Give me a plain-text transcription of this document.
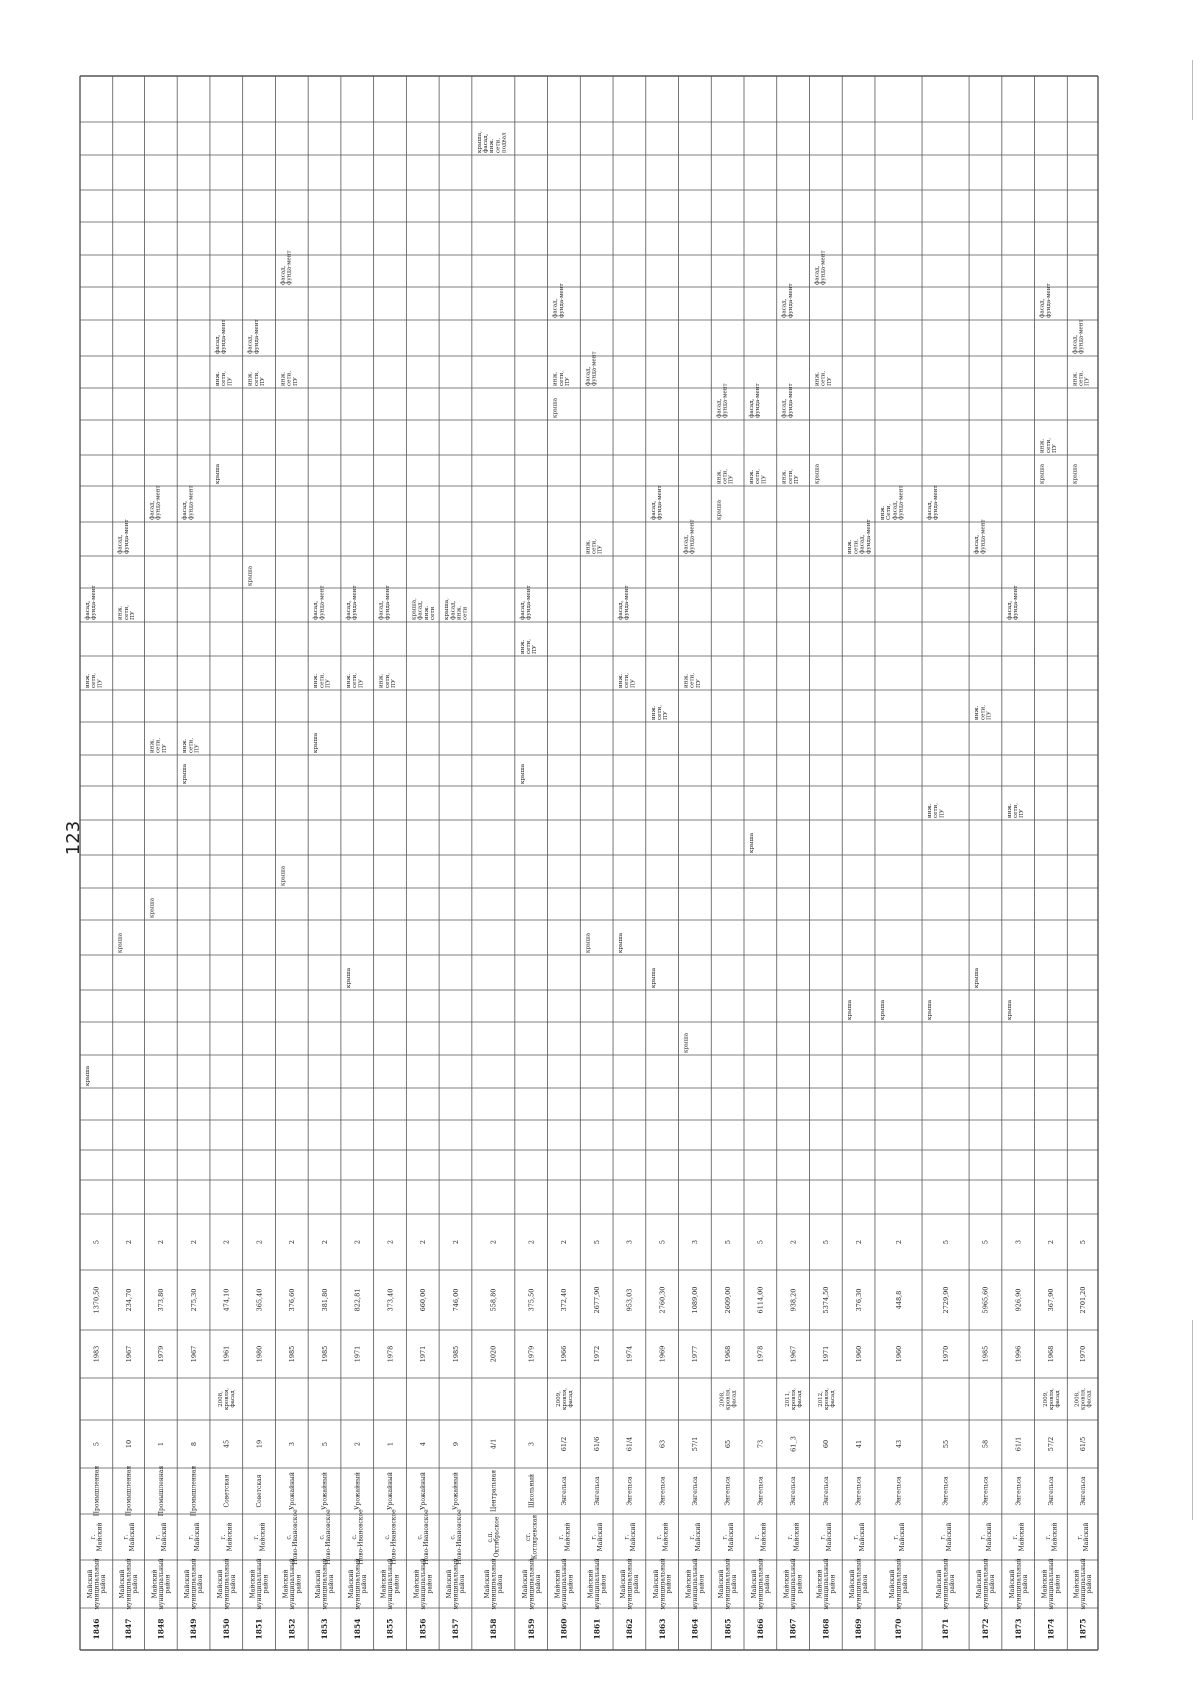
123
1846
Майскиймуниципальныйрайон
г.Майский
Промышленная
5
1983
1370,50
5
крыша
инж.сети,ПУ
фасад,фунда-мент
1847
Майскиймуниципальныйрайон
г.Майский
Промышленная
10
1967
234,70
2
крыша
инж.сети,ПУ
фасад,фунда-мент
1848
Майскиймуниципальныйрайон
г.Майский
Промышленная
1
1979
373,80
2
крыша
инж.сети,ПУ
фасад,фунда-мент
1849
Майскиймуниципальныйрайон
г.Майский
Промышленная
8
1967
275,30
2
крыша
инж.сети,ПУ
фасад,фунда-мент
1850
Майскиймуниципальныйрайон
г.Майский
Советская
45
2008,кровля,фасад
1961
474,10
2
крыша
инж.сети,ПУ
фасад,фунда-мент
1851
Майскиймуниципальныйрайон
г.Майский
Советская
19
1980
365,40
2
крыша
инж.сети,ПУ
фасад,фунда-мент
1852
Майскиймуниципальныйрайон
с.Ново-Ивановское
Урожайный
3
1985
376,60
2
крыша
инж.сети,ПУ
фасад,фунда-мент
1853
Майскиймуниципальныйрайон
с.Ново-Ивановское
Урожайный
5
1985
381,80
2
крыша
инж.сети,ПУ
фасад,фунда-мент
1854
Майскиймуниципальныйрайон
с.Ново-Ивановское
Урожайный
2
1971
822,81
2
крыша
инж.сети,ПУ
фасад,фунда-мент
1855
Майскиймуниципальныйрайон
с.Ново-Ивановское
Урожайный
1
1978
373,40
2
инж.сети,ПУ
фасад,фунда-мент
1856
Майскиймуниципальныйрайон
с.Ново-Ивановское
Урожайный
4
1971
660,00
2
крыша,фасад,инж.сети
1857
Майскиймуниципальныйрайон
с.Ново-Ивановское
Урожайный
9
1985
746,00
2
крыша,фасад,инж.сети
1858
Майскиймуниципальныйрайон
с.п.Октябрьское
Центральная
4/1
2020
558,80
2
крыша,фасад,инж.сети,подвал
1859
Майскиймуниципальныйрайон
ст.Котляревская
Школьный
3
1979
375,50
2
крыша
инж.сети,ПУ
фасад,фунда-мент
1860
Майскиймуниципальныйрайон
г.Майский
Энгельса
61/2
2009,кровля,фасад
1966
372,40
2
крыша
инж.сети,ПУ
фасад,фунда-мент
1861
Майскиймуниципальныйрайон
г.Майский
Энгельса
61/6
1972
2677,90
5
крыша
инж.сети,ПУ
фасад,фунда-мент
1862
Майскиймуниципальныйрайон
г.Майский
Энгельса
61/4
1974
953,03
3
крыша
инж.сети,ПУ
фасад,фунда-мент
1863
Майскиймуниципальныйрайон
г.Майский
Энгельса
63
1969
2760,30
5
крыша
инж.сети,ПУ
фасад,фунда-мент
1864
Майскиймуниципальныйрайон
г.Майский
Энгельса
57/1
1977
1089,00
3
крыша
инж.сети,ПУ
фасад,фунда-мент
1865
Майскиймуниципальныйрайон
г.Майский
Энгельса
65
2008,кровля,фасад
1968
2609,00
5
крыша
инж.сети,ПУ
фасад,фунда-мент
1866
Майскиймуниципальныйрайон
г.Майский
Энгельса
73
1978
6114,00
5
крыша
инж.сети,ПУ
фасад,фунда-мент
1867
Майскиймуниципальныйрайон
г.Майский
Энгельса
61_3
2011,кровля,фасад
1967
938,20
2
инж.сети,ПУ
фасад,фунда-мент
фасад,фунда-мент
1868
Майскиймуниципальныйрайон
г.Майский
Энгельса
60
2012,кровля,фасад
1971
5374,50
5
крыша
инж.сети,ПУ
фасад,фунда-мент
1869
Майскиймуниципальныйрайон
г.Майский
Энгельса
41
1960
376,30
2
крыша
инж.сети,фасад,фунда-мент
1870
Майскиймуниципальныйрайон
г.Майский
Энгельса
43
1960
448,8
2
крыша
инж.Сети,фасад,фунда-мент
1871
Майскиймуниципальныйрайон
г.Майский
Энгельса
55
1970
2729,90
5
крыша
инж.сети,ПУ
фасад,фунда-мент
1872
Майскиймуниципальныйрайон
г.Майский
Энгельса
58
1985
5965,60
5
крыша
инж.сети,ПУ
фасад,фунда-мент
1873
Майскиймуниципальныйрайон
г.Майский
Энгельса
61/1
1996
926,90
3
крыша
инж.сети,ПУ
фасад,фунда-мент
1874
Майскиймуниципальныйрайон
г.Майский
Энгельса
57/2
2009,кровля,фасад
1968
367,90
2
крыша
инж.сети,ПУ
фасад,фунда-мент
1875
Майскиймуниципальныйрайон
г.Майский
Энгельса
61/5
2008,кровля,фасад
1970
2701,20
5
крыша
инж.сети,ПУ
фасад,фунда-мент
